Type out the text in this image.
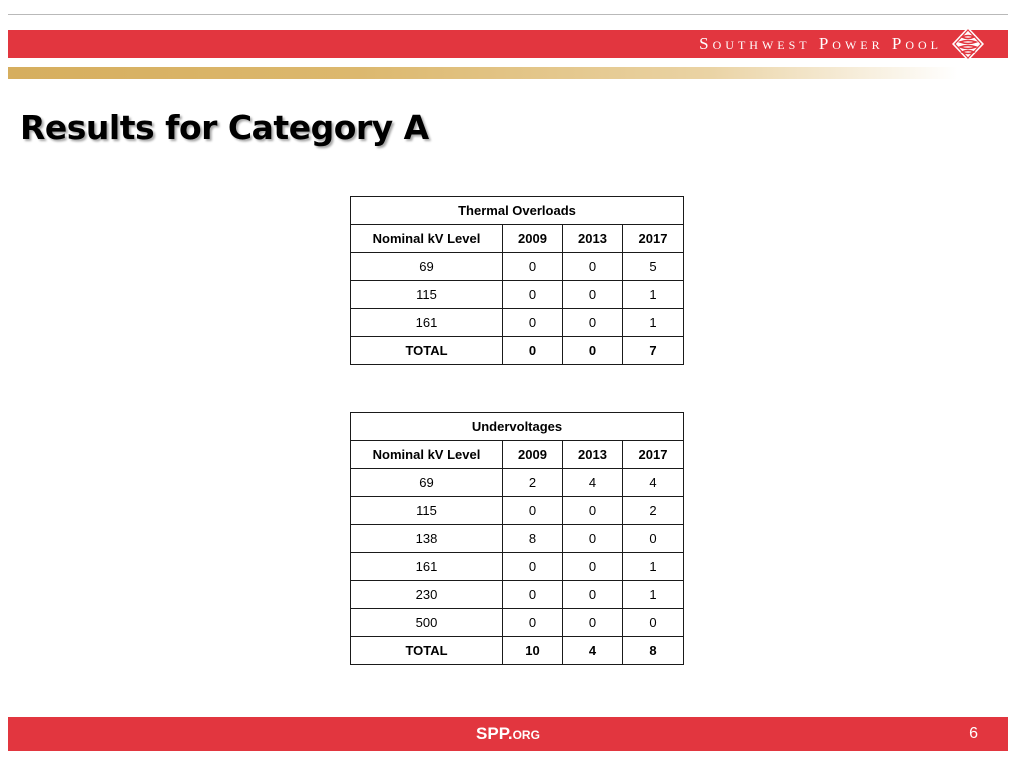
Southwest Power Pool
Results for Category A
Thermal Overloads			
Nominal kV Level	2009	2013	2017
69	0	0	5
115	0	0	1
161	0	0	1
TOTAL	0	0	7
Undervoltages			
Nominal kV Level	2009	2013	2017
69	2	4	4
115	0	0	2
138	8	0	0
161	0	0	1
230	0	0	1
500	0	0	0
TOTAL	10	4	8
SPP.org	6
